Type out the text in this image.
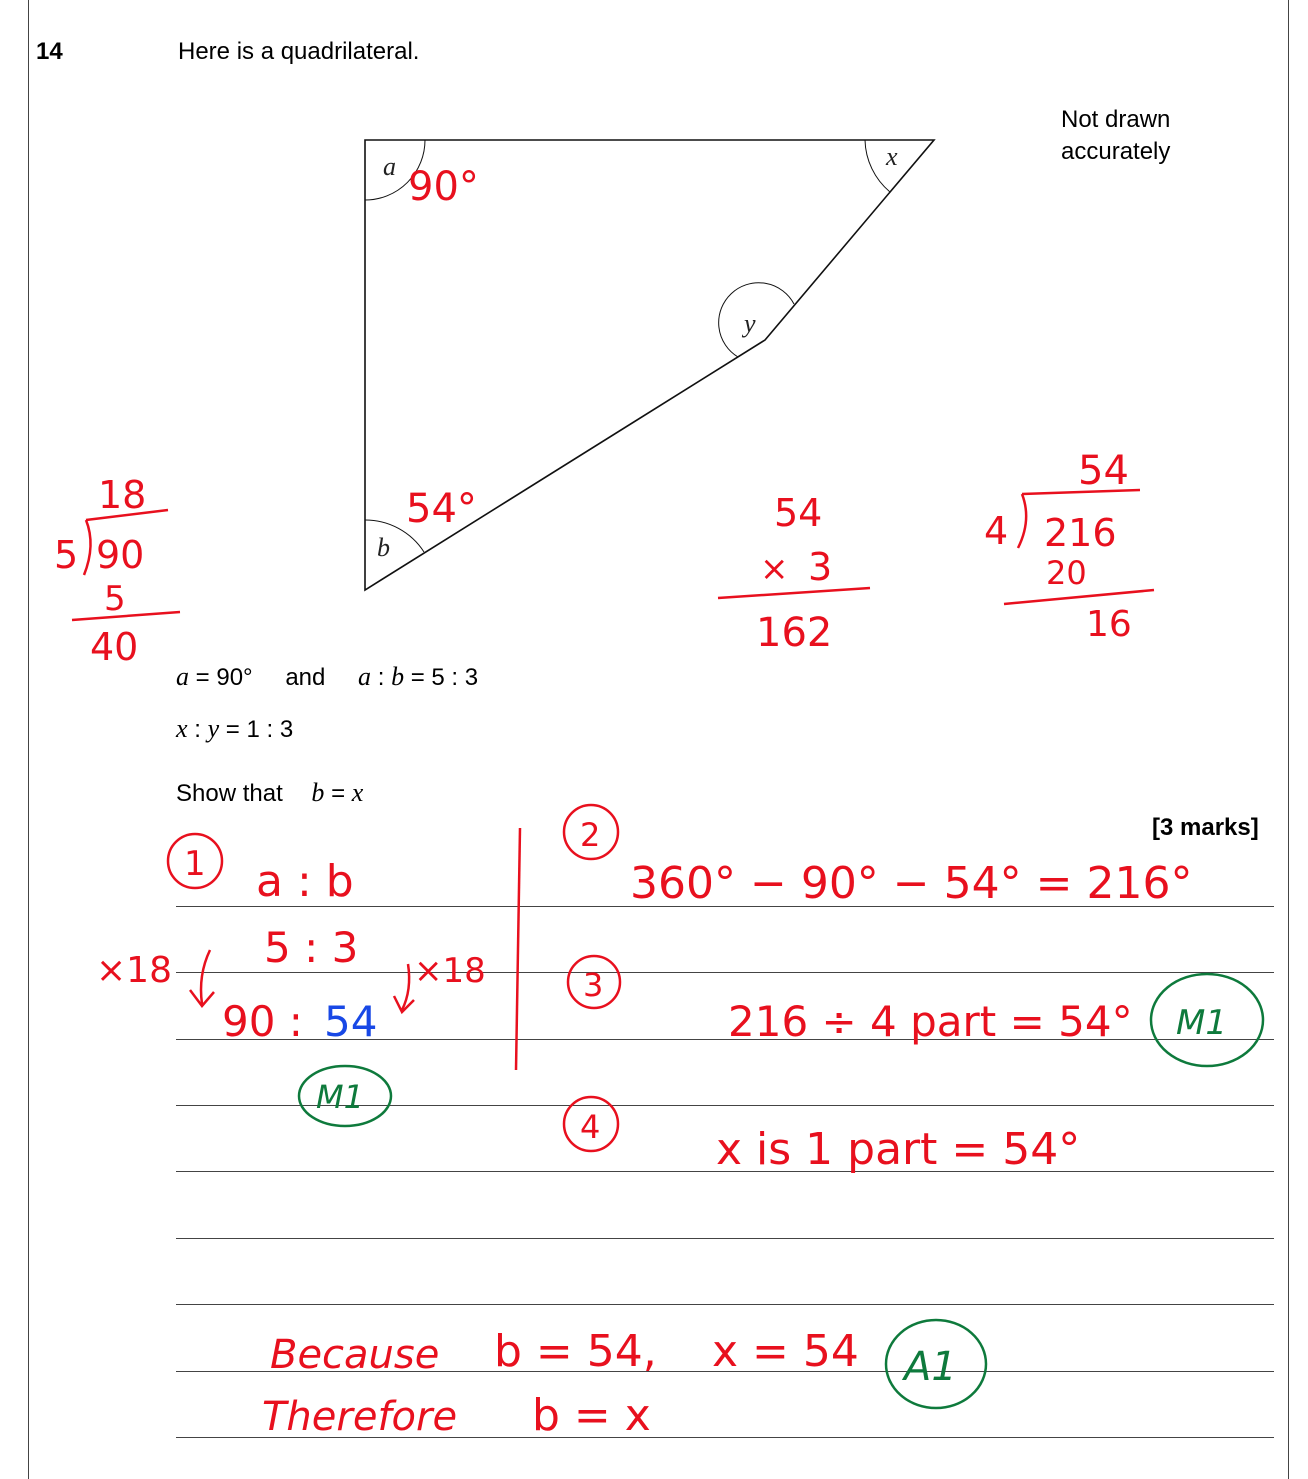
14	Here is a quadrilateral.
Not drawn
accurately
a	x
y
b
a = 90° and a : b = 5 : 3
x : y = 1 : 3
Show that b = x
[3 marks]
90°
54°
18
5 90
5
40
54
× 3
162
54
4 216
20
16
1 a : b
5 : 3
×18
90 : 54
×18
M1
2
360° − 90° − 54° = 216°
3
216 ÷ 4 part = 54° M1
4	x is 1 part = 54°
Because b = 54, x = 54 A1
Therefore b = x
